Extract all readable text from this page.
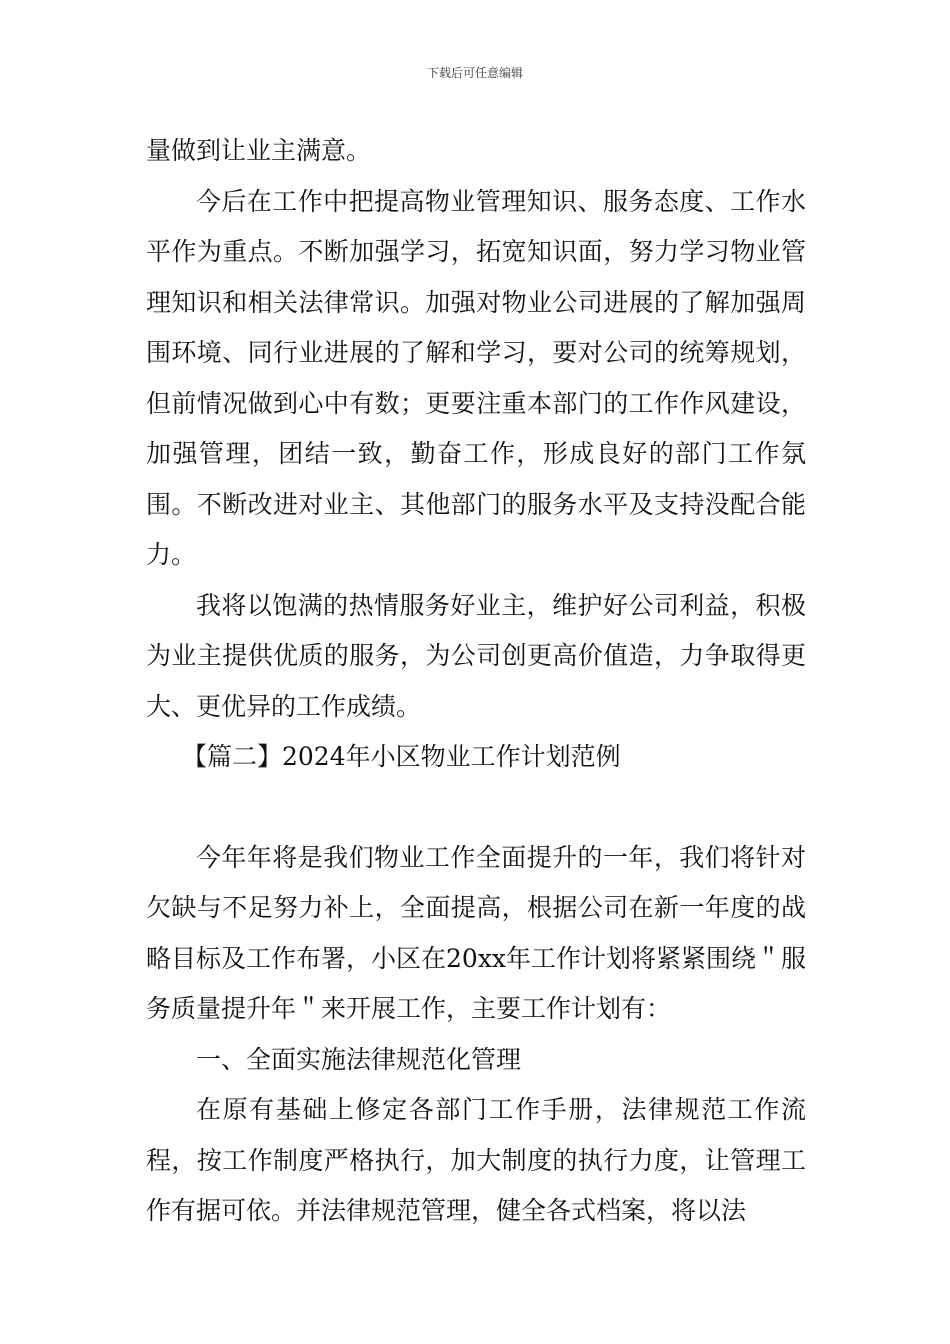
下载后可任意编辑

量做到让业主满意。

今后在工作中把提高物业管理知识、服务态度、工作水平作为重点。不断加强学习，拓宽知识面，努力学习物业管理知识和相关法律常识。加强对物业公司进展的了解加强周围环境、同行业进展的了解和学习，要对公司的统筹规划，但前情况做到心中有数；更要注重本部门的工作作风建设，加强管理，团结一致，勤奋工作，形成良好的部门工作氛围。不断改进对业主、其他部门的服务水平及支持没配合能力。

我将以饱满的热情服务好业主，维护好公司利益，积极为业主提供优质的服务，为公司创更高价值造，力争取得更大、更优异的工作成绩。

【篇二】2024年小区物业工作计划范例

今年年将是我们物业工作全面提升的一年，我们将针对欠缺与不足努力补上，全面提高，根据公司在新一年度的战略目标及工作布署，小区在20xx年工作计划将紧紧围绕＂服务质量提升年＂来开展工作，主要工作计划有：

一、全面实施法律规范化管理

在原有基础上修定各部门工作手册，法律规范工作流程，按工作制度严格执行，加大制度的执行力度，让管理工作有据可依。并法律规范管理，健全各式档案，将以法
